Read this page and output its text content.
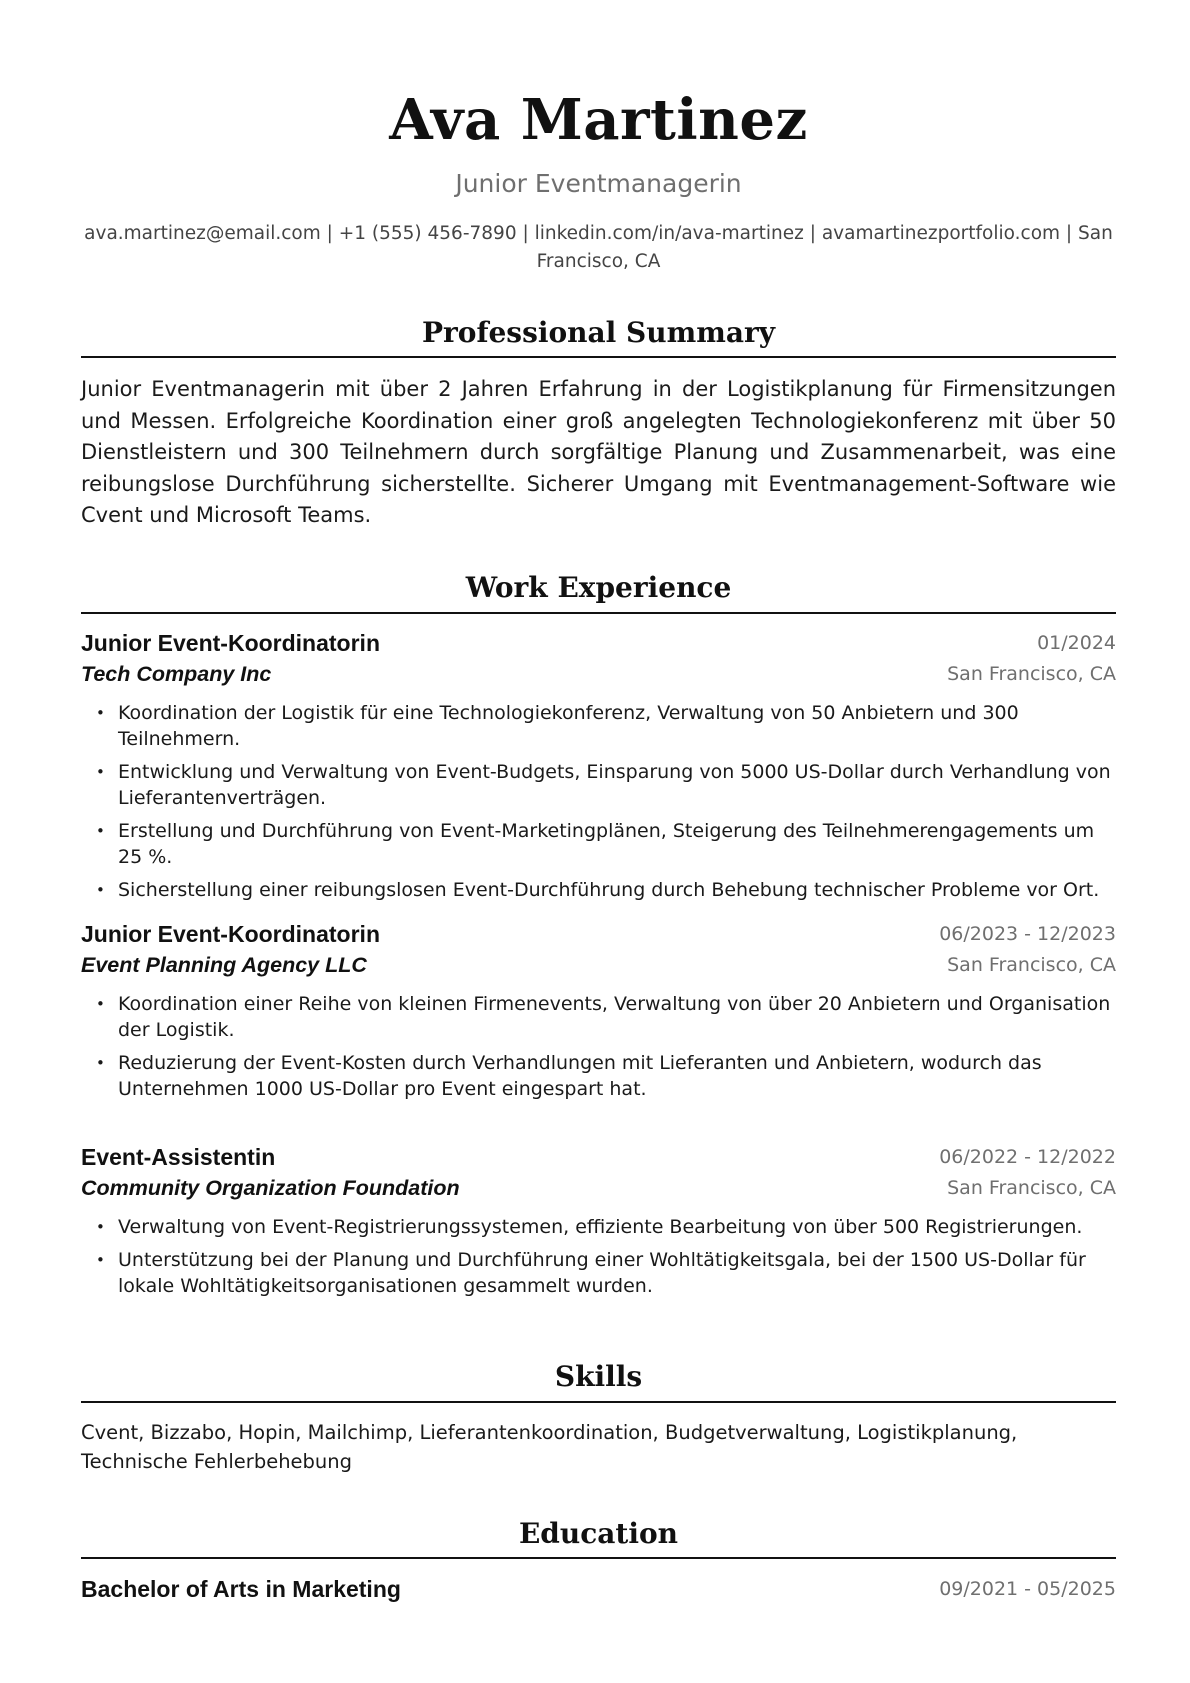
Ava Martinez
Junior Eventmanagerin
ava.martinez@email.com | +1 (555) 456-7890 | linkedin.com/in/ava-martinez | avamartinezportfolio.com | San Francisco, CA
Professional Summary
Junior Eventmanagerin mit über 2 Jahren Erfahrung in der Logistikplanung für Firmensitzungen und Messen. Erfolgreiche Koordination einer groß angelegten Technologiekonferenz mit über 50 Dienstleistern und 300 Teilnehmern durch sorgfältige Planung und Zusammenarbeit, was eine reibungslose Durchführung sicherstellte. Sicherer Umgang mit Eventmanagement-Software wie Cvent und Microsoft Teams.
Work Experience
Junior Event-Koordinatorin
Tech Company Inc
01/2024
San Francisco, CA
• Koordination der Logistik für eine Technologiekonferenz, Verwaltung von 50 Anbietern und 300 Teilnehmern.
• Entwicklung und Verwaltung von Event-Budgets, Einsparung von 5000 US-Dollar durch Verhandlung von Lieferantenverträgen.
• Erstellung und Durchführung von Event-Marketingplänen, Steigerung des Teilnehmerengagements um 25 %.
• Sicherstellung einer reibungslosen Event-Durchführung durch Behebung technischer Probleme vor Ort.
Junior Event-Koordinatorin
Event Planning Agency LLC
06/2023 - 12/2023
San Francisco, CA
• Koordination einer Reihe von kleinen Firmenevents, Verwaltung von über 20 Anbietern und Organisation der Logistik.
• Reduzierung der Event-Kosten durch Verhandlungen mit Lieferanten und Anbietern, wodurch das Unternehmen 1000 US-Dollar pro Event eingespart hat.
Event-Assistentin
Community Organization Foundation
06/2022 - 12/2022
San Francisco, CA
• Verwaltung von Event-Registrierungssystemen, effiziente Bearbeitung von über 500 Registrierungen.
• Unterstützung bei der Planung und Durchführung einer Wohltätigkeitsgala, bei der 1500 US-Dollar für lokale Wohltätigkeitsorganisationen gesammelt wurden.
Skills
Cvent, Bizzabo, Hopin, Mailchimp, Lieferantenkoordination, Budgetverwaltung, Logistikplanung, Technische Fehlerbehebung
Education
Bachelor of Arts in Marketing	09/2021 - 05/2025
